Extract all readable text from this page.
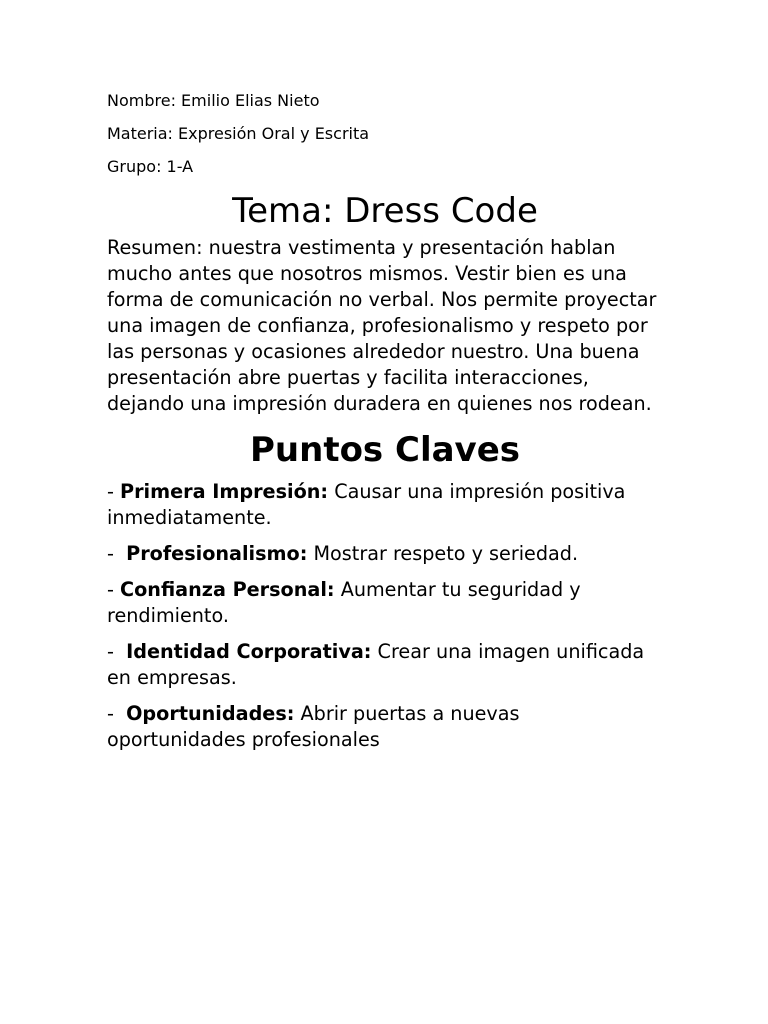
Nombre: Emilio Elias Nieto

Materia: Expresión Oral y Escrita

Grupo: 1-A

Tema: Dress Code

Resumen: nuestra vestimenta y presentación hablan mucho antes que nosotros mismos. Vestir bien es una forma de comunicación no verbal. Nos permite proyectar una imagen de confianza, profesionalismo y respeto por las personas y ocasiones alrededor nuestro. Una buena presentación abre puertas y facilita interacciones, dejando una impresión duradera en quienes nos rodean.

Puntos Claves

- Primera Impresión: Causar una impresión positiva inmediatamente.

-  Profesionalismo: Mostrar respeto y seriedad.

- Confianza Personal: Aumentar tu seguridad y rendimiento.

-  Identidad Corporativa: Crear una imagen unificada en empresas.

-  Oportunidades: Abrir puertas a nuevas oportunidades profesionales
